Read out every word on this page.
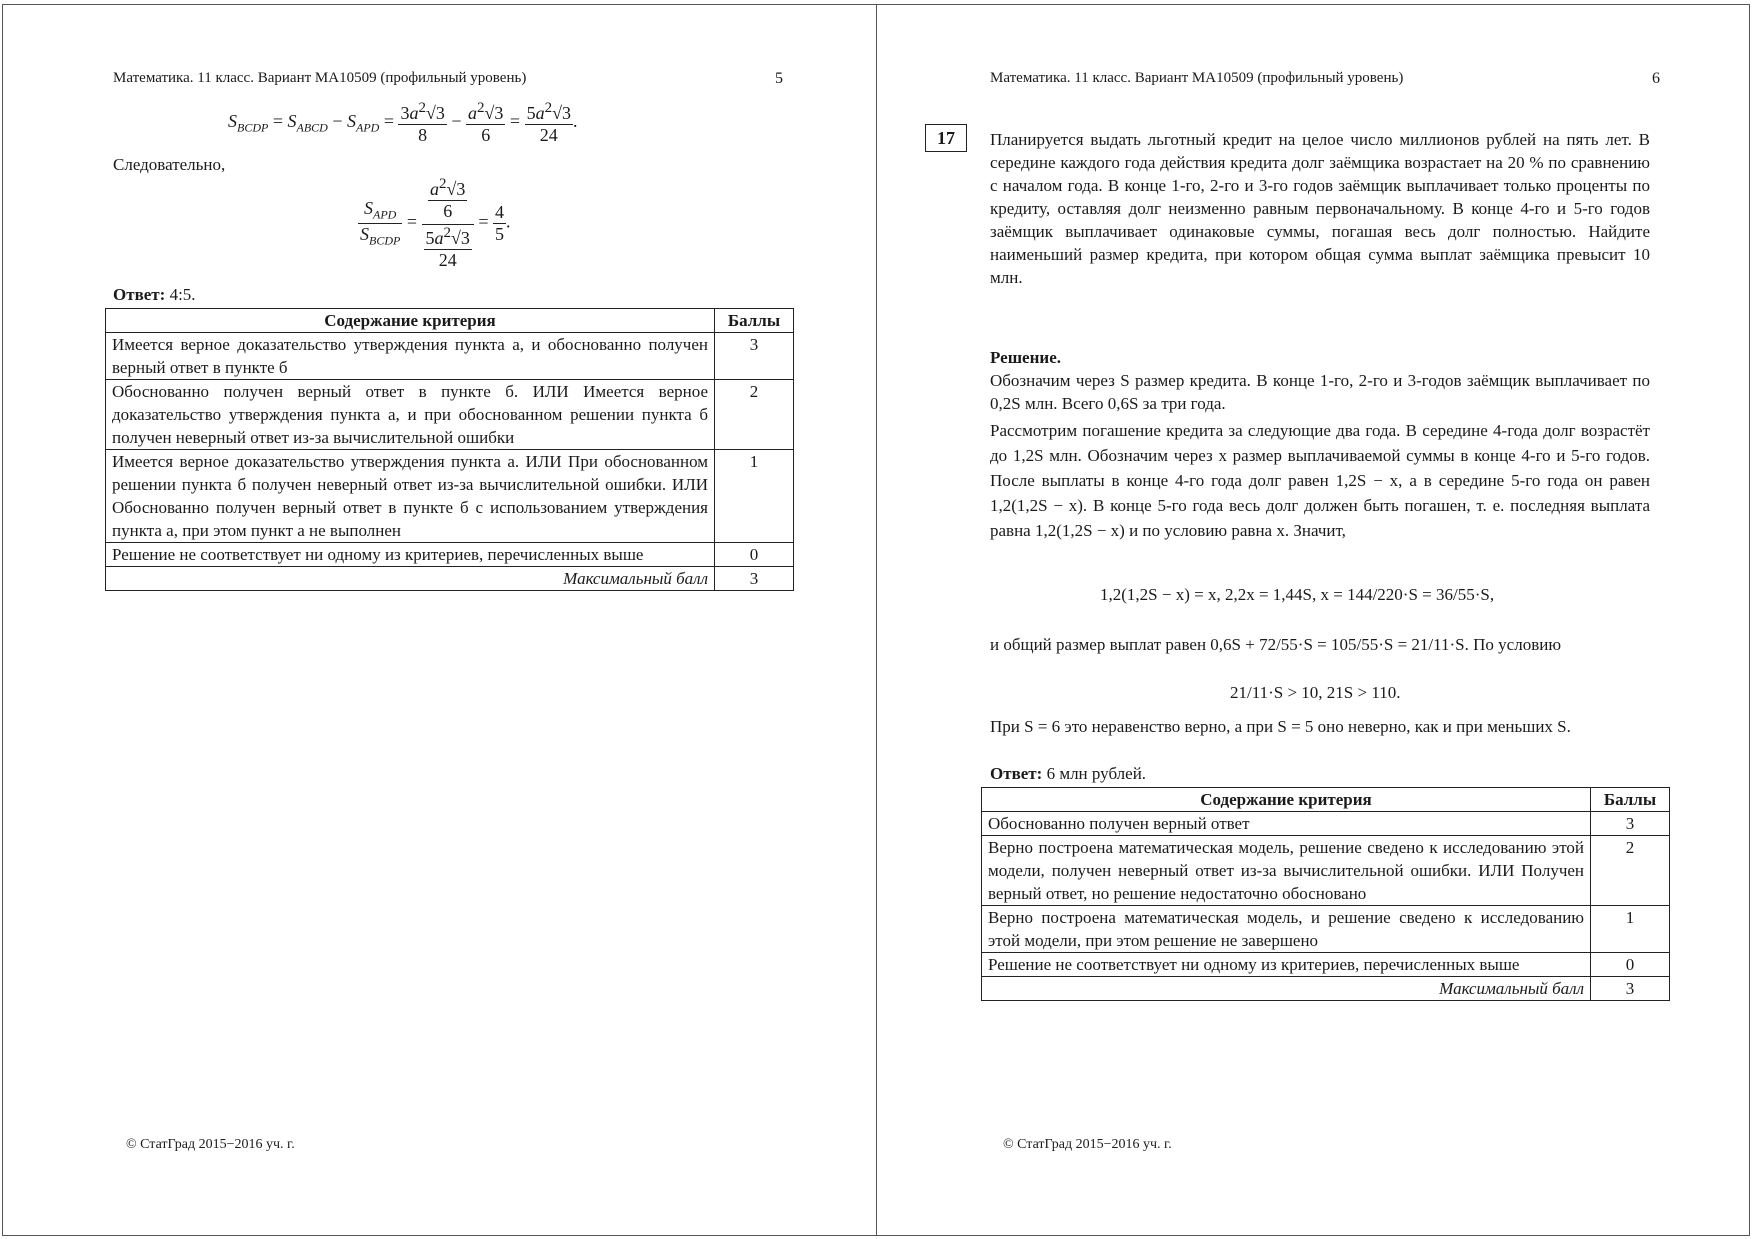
Математика. 11 класс. Вариант МА10509 (профильный уровень)	5
$S_{BCDP} = S_{ABCD} - S_{APD} = \frac{3a^2√3}{8} - \frac{a^2√3}{6} = \frac{5a^2√3}{24}$ .
Следовательно,
$\frac{S_{APD}}{S_{BCDP}} = \frac{\frac{a^2√3}{6}}{\frac{5a^2√3}{24}} = \frac{4}{5}$ .
Ответ: 4:5.
Содержание критерия	Баллы
Имеется верное доказательство утверждения пункта а, и обоснованно получен верный ответ в пункте б	3
Обоснованно получен верный ответ в пункте б. ИЛИ Имеется верное доказательство утверждения пункта а, и при обоснованном решении пункта б получен неверный ответ из-за вычислительной ошибки	2
Имеется верное доказательство утверждения пункта а. ИЛИ При обоснованном решении пункта б получен неверный ответ из-за вычислительной ошибки. ИЛИ Обоснованно получен верный ответ в пункте б с использованием утверждения пункта а, при этом пункт а не выполнен	1
Решение не соответствует ни одному из критериев, перечисленных выше	0
Максимальный балл	3
© СтатГрад 2015−2016 уч. г.
Математика. 11 класс. Вариант МА10509 (профильный уровень)	6
17	Планируется выдать льготный кредит на целое число миллионов рублей на пять лет. В середине каждого года действия кредита долг заёмщика возрастает на 20 % по сравнению с началом года. В конце 1-го, 2-го и 3-го годов заёмщик выплачивает только проценты по кредиту, оставляя долг неизменно равным первоначальному. В конце 4-го и 5-го годов заёмщик выплачивает одинаковые суммы, погашая весь долг полностью. Найдите наименьший размер кредита, при котором общая сумма выплат заёмщика превысит 10 млн.
Решение.
Обозначим через S размер кредита. В конце 1-го, 2-го и 3-годов заёмщик выплачивает по 0,2S млн. Всего 0,6S за три года.
Рассмотрим погашение кредита за следующие два года. В середине 4-года долг возрастёт до 1,2S млн. Обозначим через x размер выплачиваемой суммы в конце 4-го и 5-го годов. После выплаты в конце 4-го года долг равен 1,2S − x, а в середине 5-го года он равен 1,2(1,2S − x). В конце 5-го года весь долг должен быть погашен, т. е. последняя выплата равна 1,2(1,2S − x) и по условию равна x. Значит,
1,2(1,2S − x) = x, 2,2x = 1,44S, x = 144/220·S = 36/55·S,
и общий размер выплат равен 0,6S + 72/55·S = 105/55·S = 21/11·S. По условию
21/11·S > 10, 21S > 110.
При S = 6 это неравенство верно, а при S = 5 оно неверно, как и при меньших S.
Ответ: 6 млн рублей.
Содержание критерия	Баллы
Обоснованно получен верный ответ	3
Верно построена математическая модель, решение сведено к исследованию этой модели, получен неверный ответ из-за вычислительной ошибки. ИЛИ Получен верный ответ, но решение недостаточно обосновано	2
Верно построена математическая модель, и решение сведено к исследованию этой модели, при этом решение не завершено	1
Решение не соответствует ни одному из критериев, перечисленных выше	0
Максимальный балл	3
© СтатГрад 2015−2016 уч. г.
